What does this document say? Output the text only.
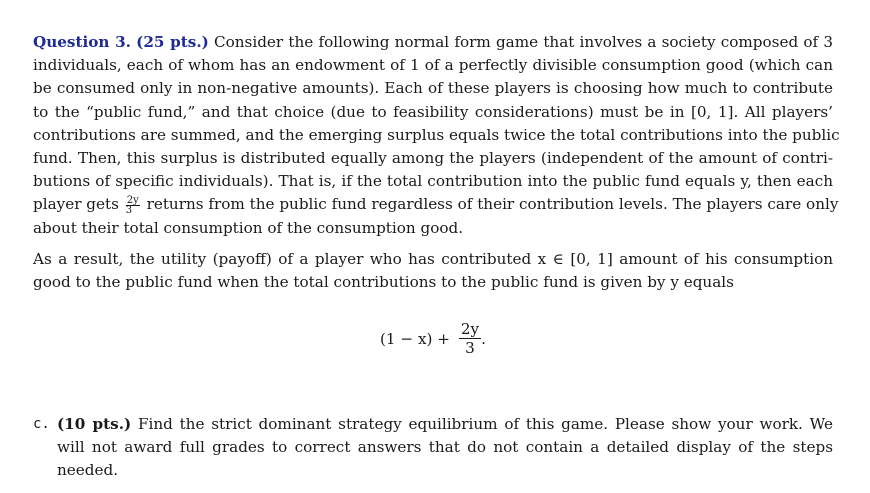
Question 3. (25 pts.) Consider the following normal form game that involves a society composed of 3
individuals, each of whom has an endowment of 1 of a perfectly divisible consumption good (which can
be consumed only in non-negative amounts). Each of these players is choosing how much to contribute
to the “public fund,” and that choice (due to feasibility considerations) must be in [0, 1]. All players’
contributions are summed, and the emerging surplus equals twice the total contributions into the public
fund. Then, this surplus is distributed equally among the players (independent of the amount of contri-
butions of specific individuals). That is, if the total contribution into the public fund equals y, then each
player gets $\frac{2y}{3}$ returns from the public fund regardless of their contribution levels. The players care only
about their total consumption of the consumption good.
As a result, the utility (payoff) of a player who has contributed x ∈ [0, 1] amount of his consumption
good to the public fund when the total contributions to the public fund is given by y equals
$(1 - x) + \frac{2y}{3}$ .
c. (10 pts.) Find the strict dominant strategy equilibrium of this game. Please show your work. We
will not award full grades to correct answers that do not contain a detailed display of the steps
needed.
